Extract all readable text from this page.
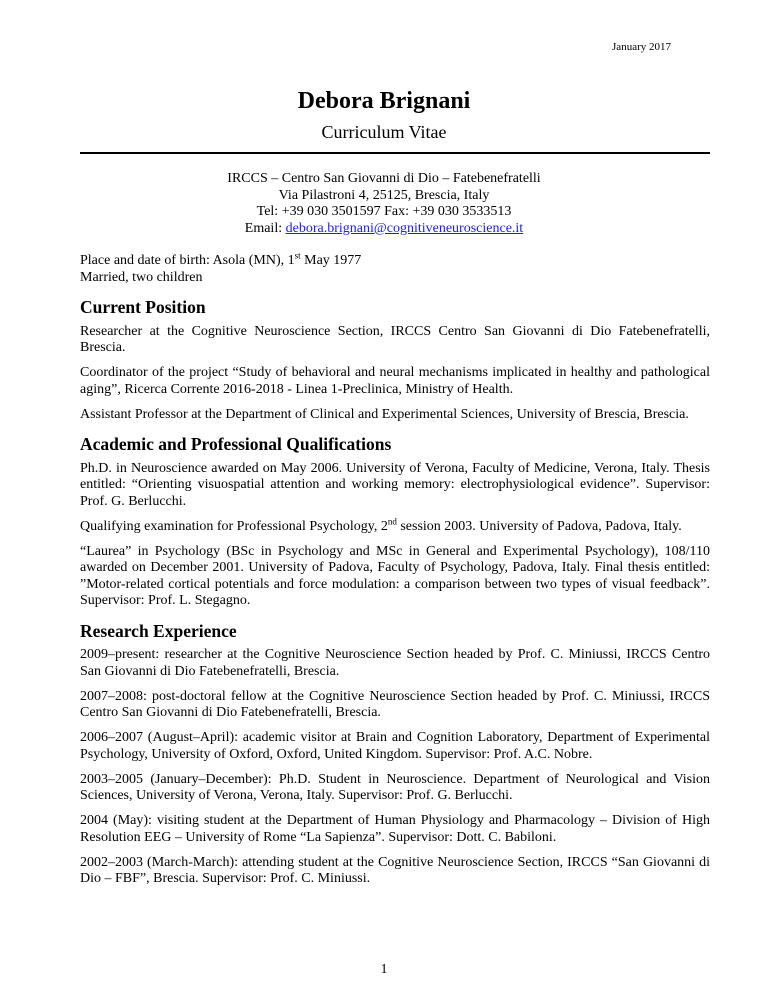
January 2017
Debora Brignani
Curriculum Vitae
IRCCS – Centro San Giovanni di Dio – Fatebenefratelli
Via Pilastroni 4, 25125, Brescia, Italy
Tel: +39 030 3501597 Fax: +39 030 3533513
Email: debora.brignani@cognitiveneuroscience.it

Place and date of birth: Asola (MN), 1st May 1977

Married, two children

Current Position

Researcher at the Cognitive Neuroscience Section, IRCCS Centro San Giovanni di Dio Fatebenefratelli, Brescia.

Coordinator of the project “Study of behavioral and neural mechanisms implicated in healthy and pathological aging”, Ricerca Corrente 2016-2018 - Linea 1-Preclinica, Ministry of Health.

Assistant Professor at the Department of Clinical and Experimental Sciences, University of Brescia, Brescia.

Academic and Professional Qualifications

Ph.D. in Neuroscience awarded on May 2006. University of Verona, Faculty of Medicine, Verona, Italy. Thesis entitled: “Orienting visuospatial attention and working memory: electrophysiological evidence”. Supervisor: Prof. G. Berlucchi.

Qualifying examination for Professional Psychology, 2nd session 2003. University of Padova, Padova, Italy.

“Laurea” in Psychology (BSc in Psychology and MSc in General and Experimental Psychology), 108/110 awarded on December 2001. University of Padova, Faculty of Psychology, Padova, Italy. Final thesis entitled: ”Motor-related cortical potentials and force modulation: a comparison between two types of visual feedback”. Supervisor: Prof. L. Stegagno.

Research Experience

2009–present: researcher at the Cognitive Neuroscience Section headed by Prof. C. Miniussi, IRCCS Centro San Giovanni di Dio Fatebenefratelli, Brescia.

2007–2008: post-doctoral fellow at the Cognitive Neuroscience Section headed by Prof. C. Miniussi, IRCCS Centro San Giovanni di Dio Fatebenefratelli, Brescia.

2006–2007 (August–April): academic visitor at Brain and Cognition Laboratory, Department of Experimental Psychology, University of Oxford, Oxford, United Kingdom. Supervisor: Prof. A.C. Nobre.

2003–2005 (January–December): Ph.D. Student in Neuroscience. Department of Neurological and Vision Sciences, University of Verona, Verona, Italy. Supervisor: Prof. G. Berlucchi.

2004 (May): visiting student at the Department of Human Physiology and Pharmacology – Division of High Resolution EEG – University of Rome “La Sapienza”. Supervisor: Dott. C. Babiloni.

2002–2003 (March-March): attending student at the Cognitive Neuroscience Section, IRCCS “San Giovanni di Dio – FBF”, Brescia. Supervisor: Prof. C. Miniussi.

1
